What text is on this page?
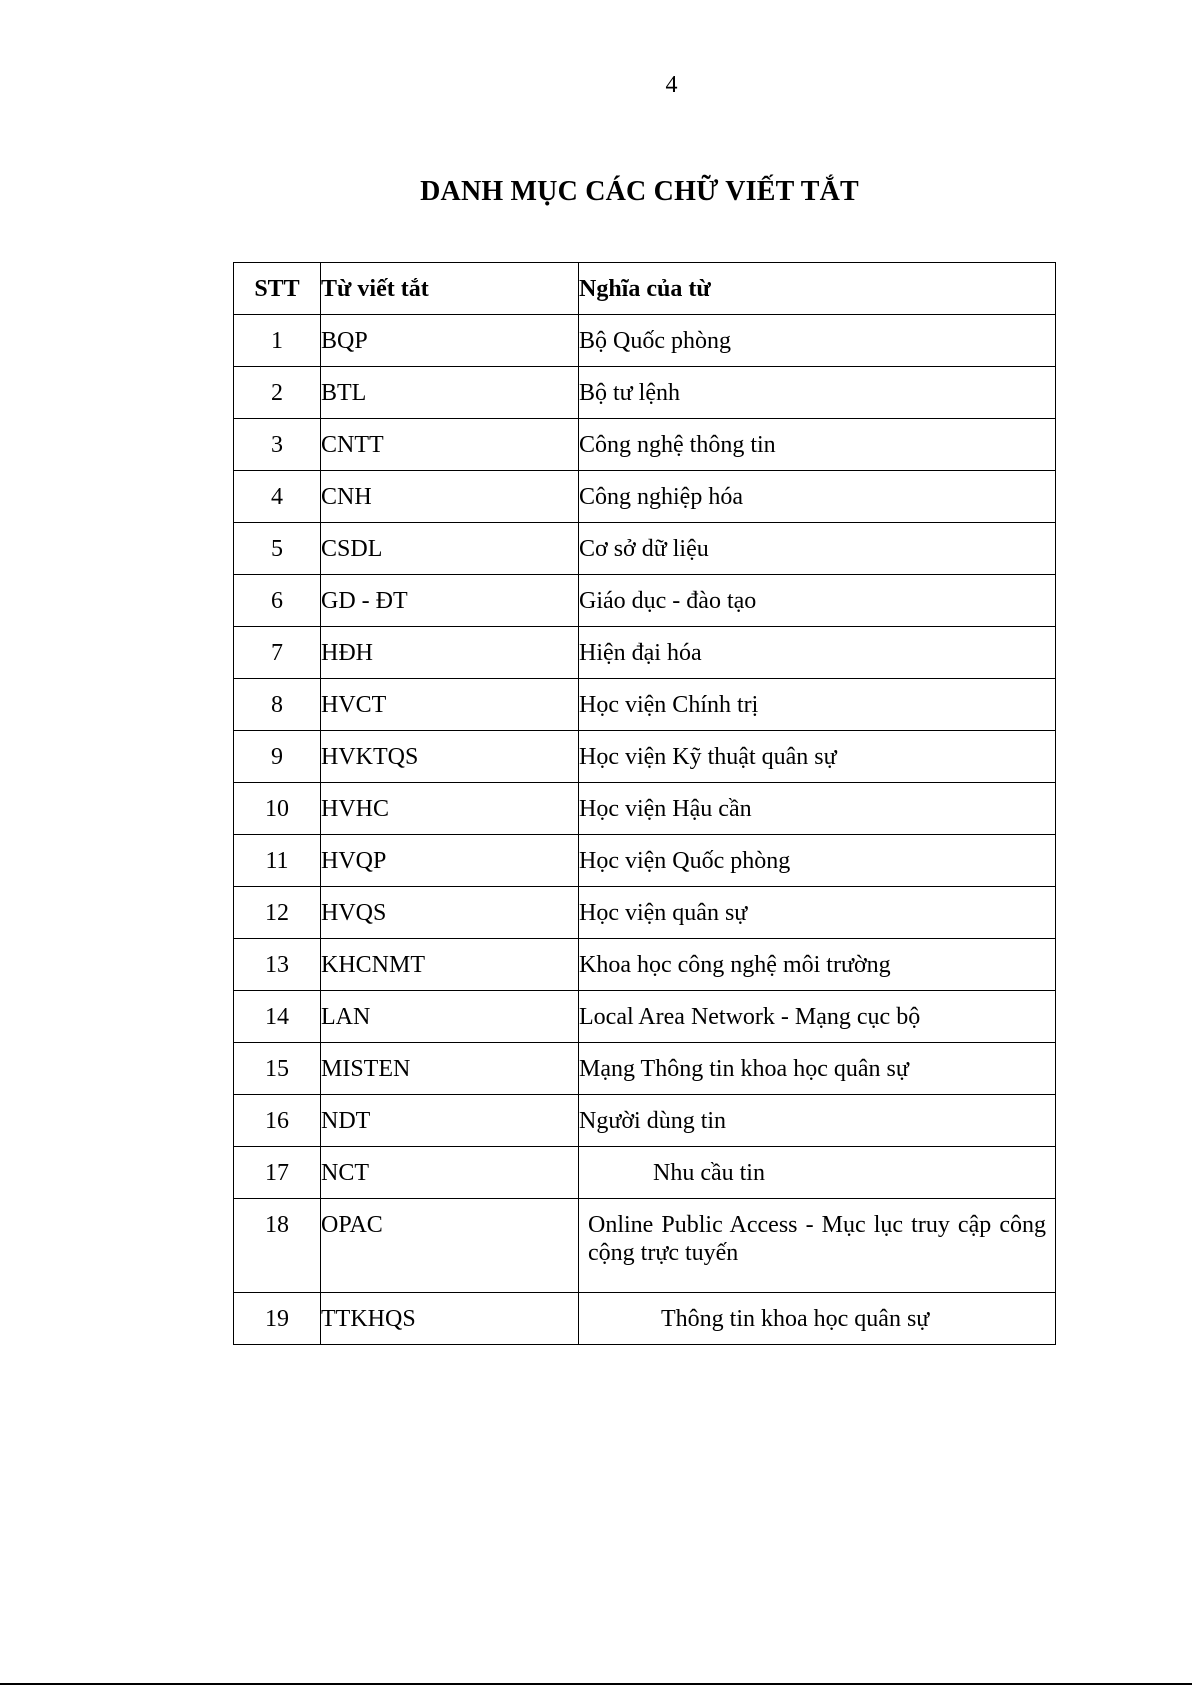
4
DANH MỤC CÁC CHỮ VIẾT TẮT
STT	Từ viết tắt	Nghĩa của từ
1	BQP	Bộ Quốc phòng
2	BTL	Bộ tư lệnh
3	CNTT	Công nghệ thông tin
4	CNH	Công nghiệp hóa
5	CSDL	Cơ sở dữ liệu
6	GD - ĐT	Giáo dục - đào tạo
7	HĐH	Hiện đại hóa
8	HVCT	Học viện Chính trị
9	HVKTQS	Học viện Kỹ thuật quân sự
10	HVHC	Học viện Hậu cần
11	HVQP	Học viện Quốc phòng
12	HVQS	Học viện quân sự
13	KHCNMT	Khoa học công nghệ môi trường
14	LAN	Local Area Network - Mạng cục bộ
15	MISTEN	Mạng Thông tin khoa học quân sự
16	NDT	Người dùng tin
17	NCT	Nhu cầu tin
18	OPAC	Online Public Access - Mục lục truy cập công cộng trực tuyến
19	TTKHQS	Thông tin khoa học quân sự
